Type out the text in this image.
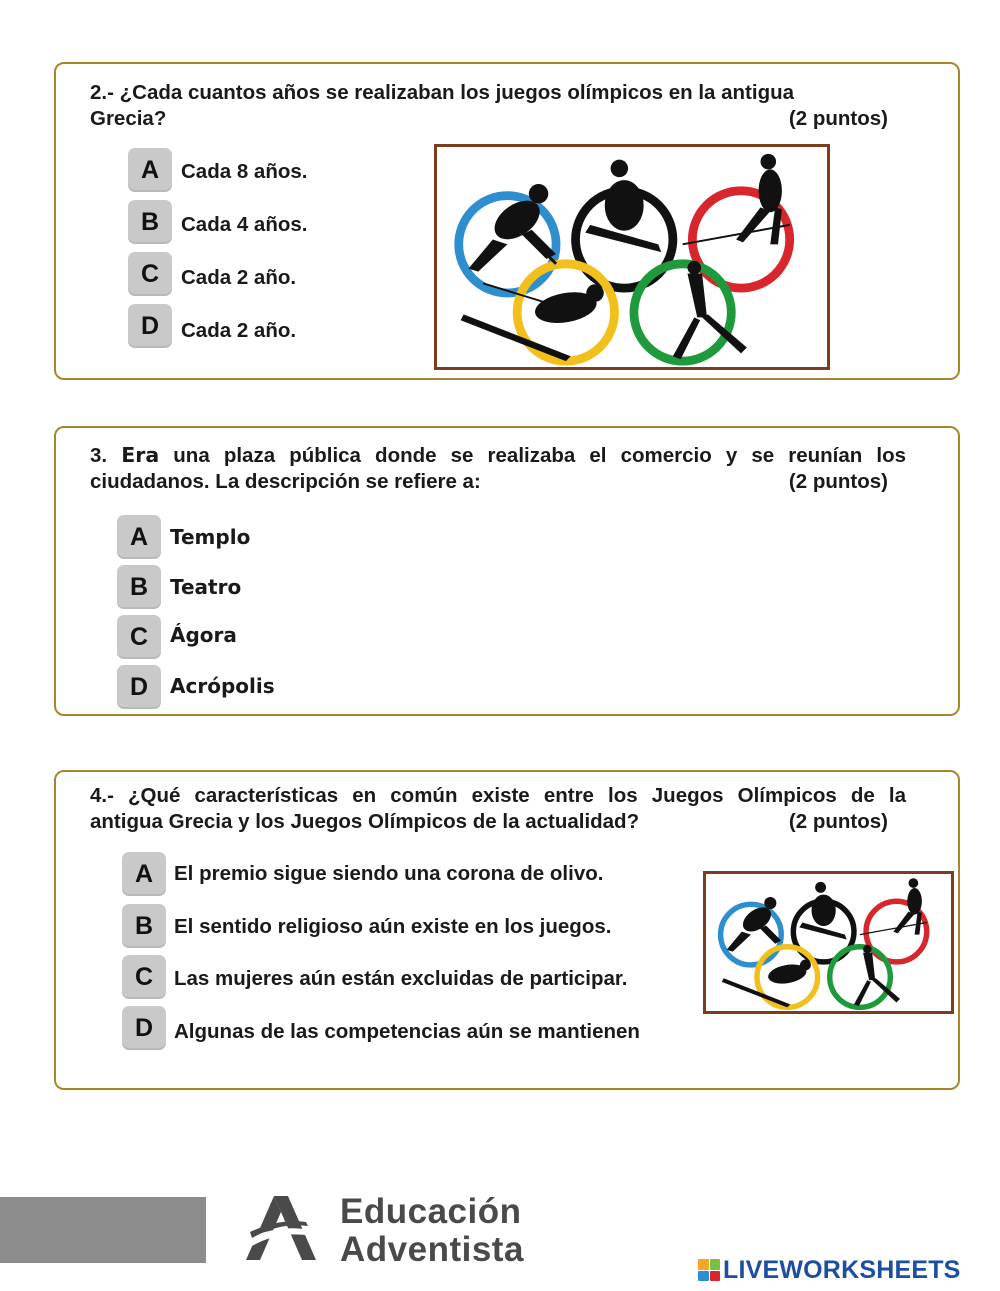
2.- ¿Cada cuantos años se realizaban los juegos olímpicos en la antigua
Grecia?	(2 puntos)
A	Cada 8 años.
B	Cada 4 años.
C	Cada 2 año.
D	Cada 2 año.
3. Era una plaza pública donde se realizaba el comercio y se reunían los
ciudadanos. La descripción se refiere a:	(2 puntos)
A	Templo
B	Teatro
C	Ágora
D	Acrópolis
4.- ¿Qué características en común existe entre los Juegos Olímpicos de la
antigua Grecia y los Juegos Olímpicos de la actualidad?	(2 puntos)
A	El premio sigue siendo una corona de olivo.
B	El sentido religioso aún existe en los juegos.
C	Las mujeres aún están excluidas de participar.
D	Algunas de las competencias aún se mantienen
Educación
Adventista
LIVEWORKSHEETS
